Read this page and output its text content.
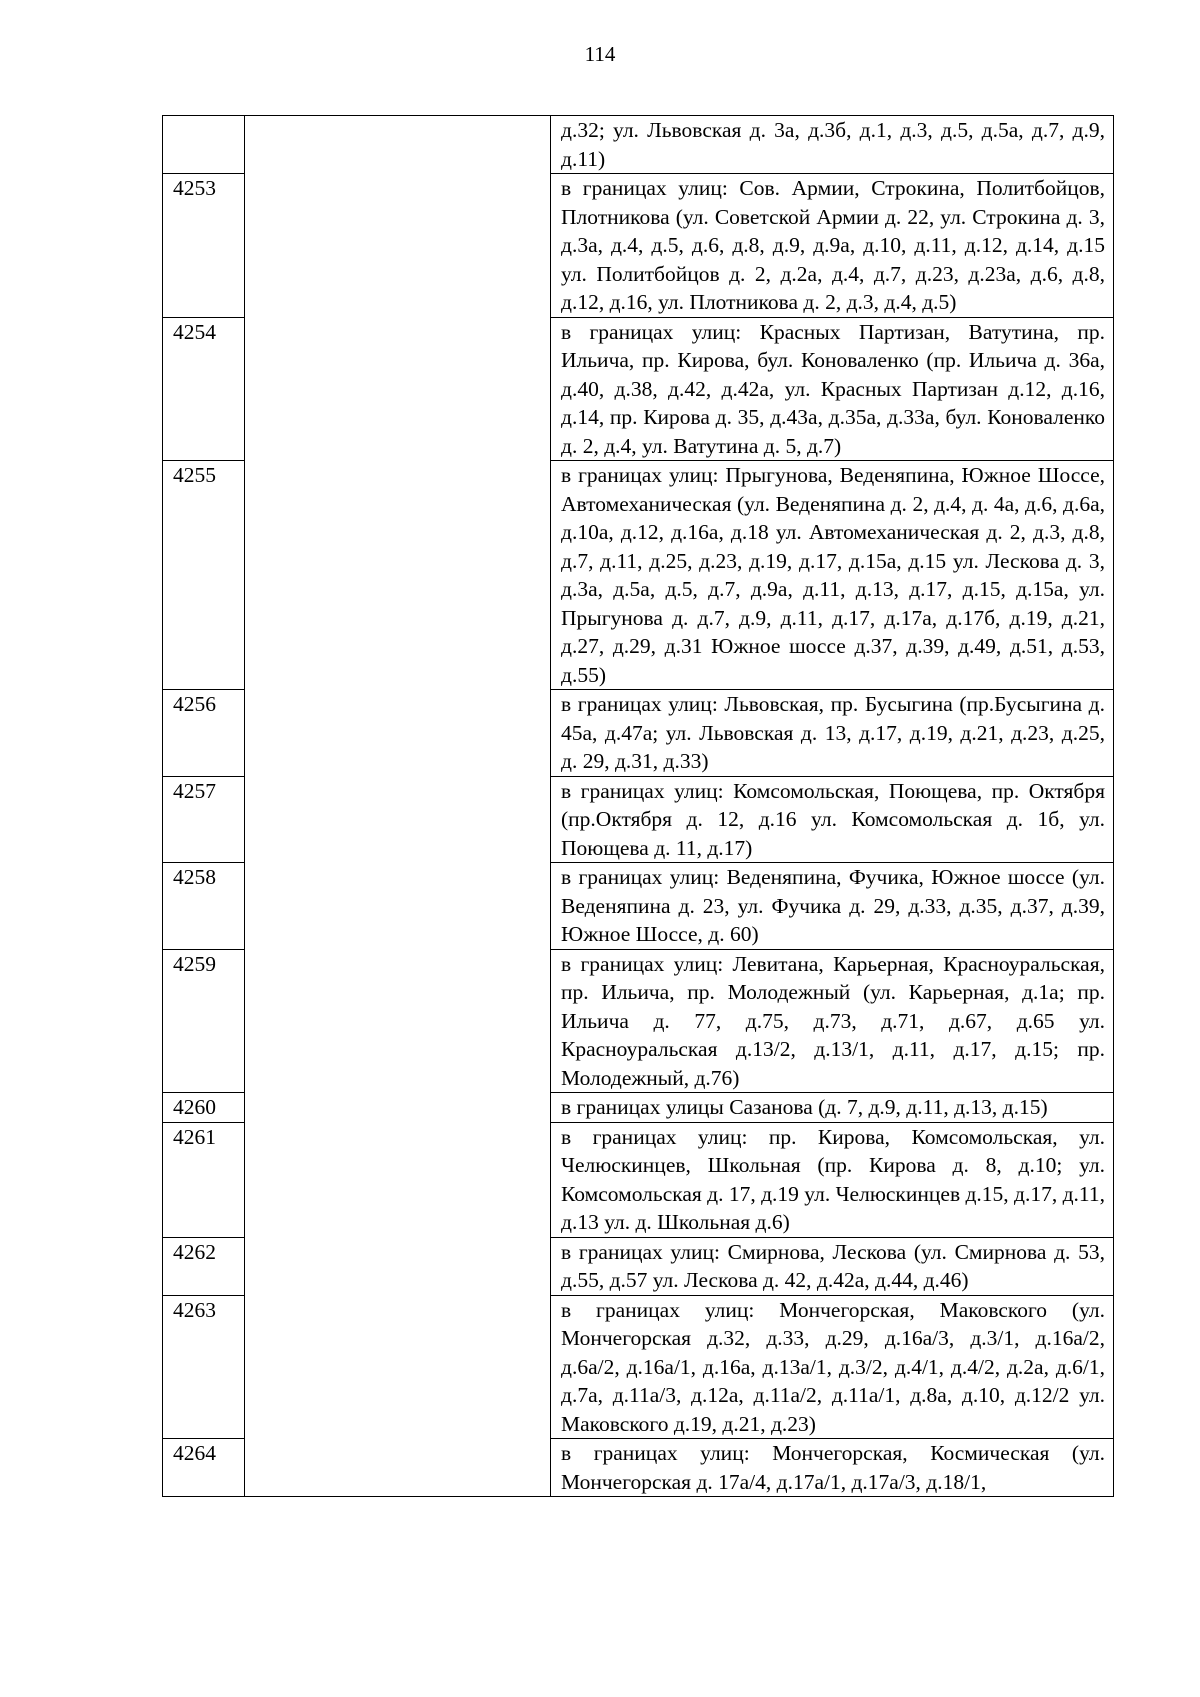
114
		д.32; ул. Львовская д. 3а, д.3б, д.1, д.3, д.5, д.5а, д.7, д.9, д.11)
4253		в границах улиц: Сов. Армии, Строкина, Политбойцов, Плотникова (ул. Советской Армии д. 22, ул. Строкина д. 3, д.3а, д.4, д.5, д.6, д.8, д.9, д.9а, д.10, д.11, д.12, д.14, д.15 ул. Политбойцов д. 2, д.2а, д.4, д.7, д.23, д.23а, д.6, д.8, д.12, д.16, ул. Плотникова д. 2, д.3, д.4, д.5)
4254		в границах улиц: Красных Партизан, Ватутина, пр. Ильича, пр. Кирова, бул. Коноваленко (пр. Ильича д. 36а, д.40, д.38, д.42, д.42а, ул. Красных Партизан д.12, д.16, д.14, пр. Кирова д. 35, д.43а, д.35а, д.33а, бул. Коноваленко д. 2, д.4, ул. Ватутина д. 5, д.7)
4255		в границах улиц: Прыгунова, Веденяпина, Южное Шоссе, Автомеханическая (ул. Веденяпина д. 2, д.4, д. 4а, д.6, д.6а, д.10а, д.12, д.16а, д.18 ул. Автомеханическая д. 2, д.3, д.8, д.7, д.11, д.25, д.23, д.19, д.17, д.15а, д.15 ул. Лескова д. 3, д.3а, д.5а, д.5, д.7, д.9а, д.11, д.13, д.17, д.15, д.15а, ул. Прыгунова д. д.7, д.9, д.11, д.17, д.17а, д.17б, д.19, д.21, д.27, д.29, д.31 Южное шоссе д.37, д.39, д.49, д.51, д.53, д.55)
4256		в границах улиц: Львовская, пр. Бусыгина (пр.Бусыгина д. 45а, д.47а; ул. Львовская д. 13, д.17, д.19, д.21, д.23, д.25, д. 29, д.31, д.33)
4257		в границах улиц: Комсомольская, Поющева, пр. Октября (пр.Октября д. 12, д.16 ул. Комсомольская д. 1б, ул. Поющева д. 11, д.17)
4258		в границах улиц: Веденяпина, Фучика, Южное шоссе (ул. Веденяпина д. 23, ул. Фучика д. 29, д.33, д.35, д.37, д.39, Южное Шоссе, д. 60)
4259		в границах улиц: Левитана, Карьерная, Красноуральская, пр. Ильича, пр. Молодежный (ул. Карьерная, д.1а; пр. Ильича д. 77, д.75, д.73, д.71, д.67, д.65 ул. Красноуральская д.13/2, д.13/1, д.11, д.17, д.15; пр. Молодежный, д.76)
4260		в границах улицы Сазанова (д. 7, д.9, д.11, д.13, д.15)
4261		в границах улиц: пр. Кирова, Комсомольская, ул. Челюскинцев, Школьная (пр. Кирова д. 8, д.10; ул. Комсомольская д. 17, д.19 ул. Челюскинцев д.15, д.17, д.11, д.13 ул. д. Школьная д.6)
4262		в границах улиц: Смирнова, Лескова (ул. Смирнова д. 53, д.55, д.57 ул. Лескова д. 42, д.42а, д.44, д.46)
4263		в границах улиц: Мончегорская, Маковского (ул. Мончегорская д.32, д.33, д.29, д.16а/3, д.3/1, д.16а/2, д.6а/2, д.16а/1, д.16а, д.13а/1, д.3/2, д.4/1, д.4/2, д.2а, д.6/1, д.7а, д.11а/3, д.12а, д.11а/2, д.11а/1, д.8а, д.10, д.12/2 ул. Маковского д.19, д.21, д.23)
4264		в границах улиц: Мончегорская, Космическая (ул. Мончегорская д. 17а/4, д.17а/1, д.17а/3, д.18/1,
